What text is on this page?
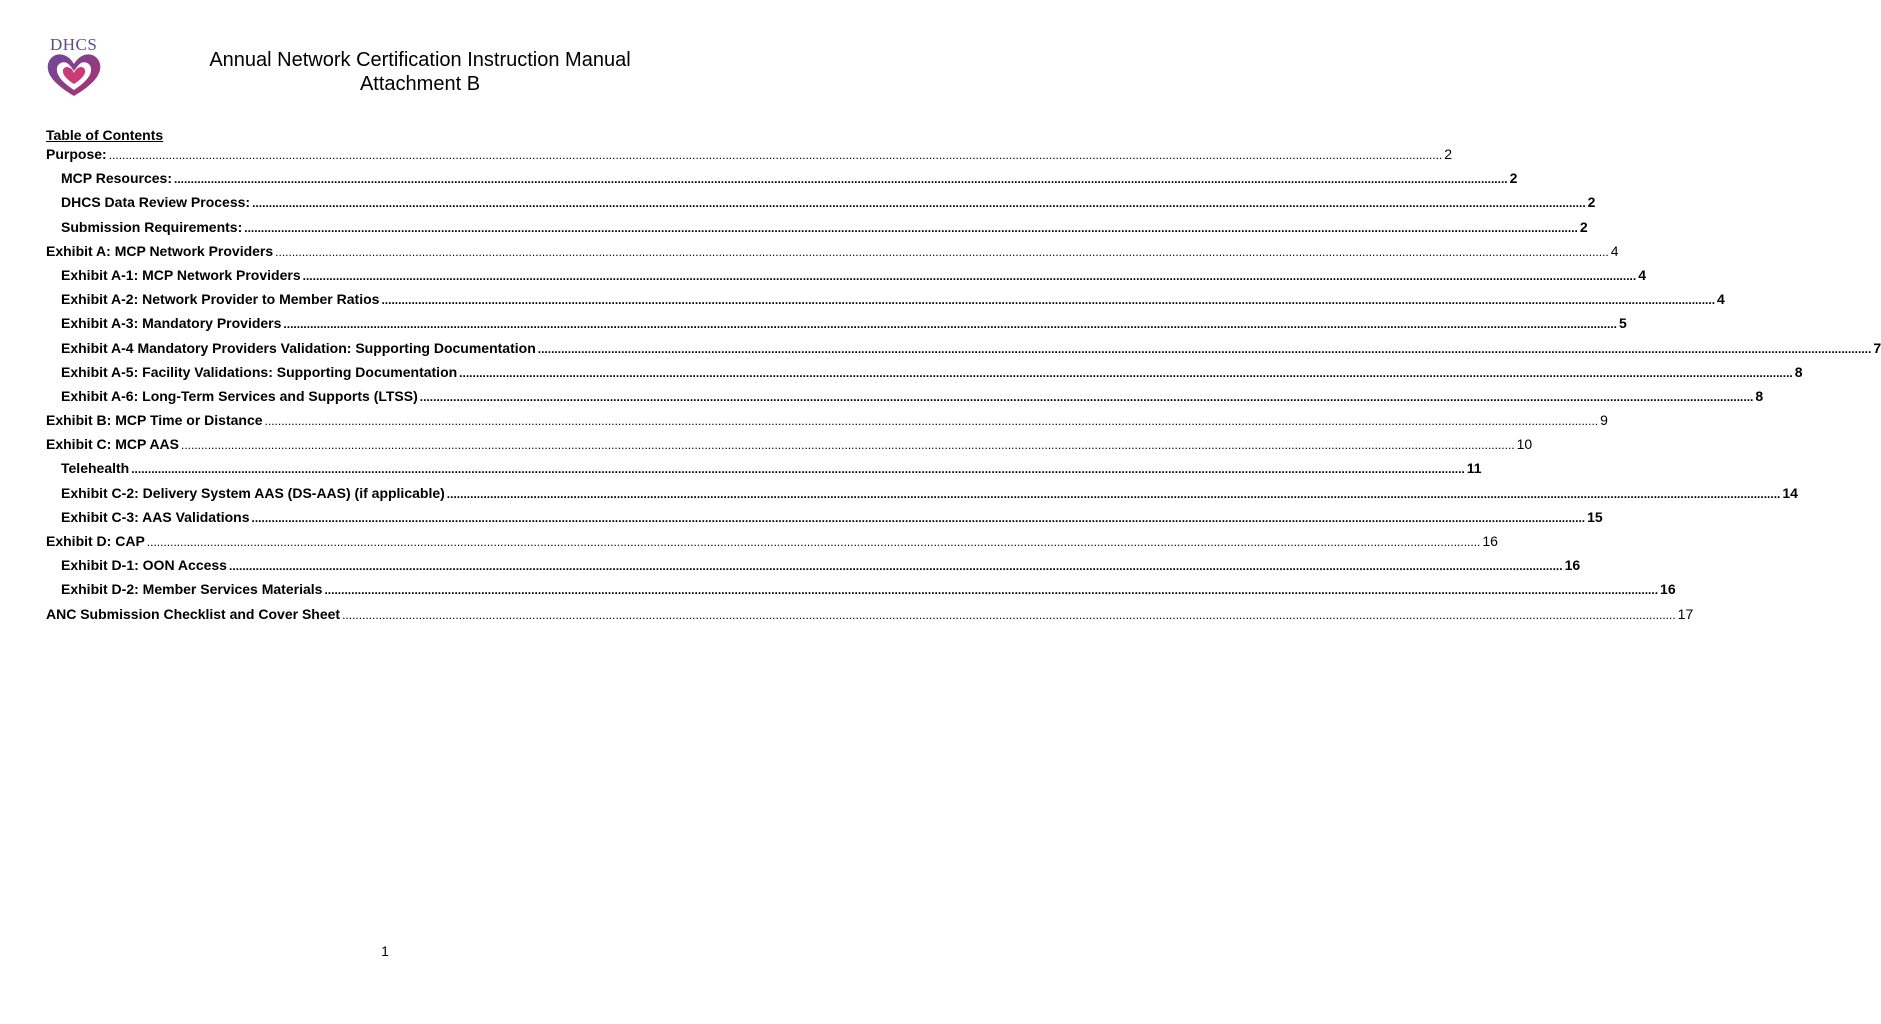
DHCS
Annual Network Certification Instruction Manual
Attachment B
Table of Contents
Purpose: ................................................................................................................................................................................................................................................................................................................................................................................................................ 2
MCP Resources: ................................................................................................................................................................................................................................................................................................................................................................................................................ 2
DHCS Data Review Process: ................................................................................................................................................................................................................................................................................................................................................................................................................ 2
Submission Requirements: ................................................................................................................................................................................................................................................................................................................................................................................................................ 2
Exhibit A: MCP Network Providers ................................................................................................................................................................................................................................................................................................................................................................................................................ 4
Exhibit A-1: MCP Network Providers ................................................................................................................................................................................................................................................................................................................................................................................................................ 4
Exhibit A-2: Network Provider to Member Ratios ................................................................................................................................................................................................................................................................................................................................................................................................................ 4
Exhibit A-3: Mandatory Providers ................................................................................................................................................................................................................................................................................................................................................................................................................ 5
Exhibit A-4 Mandatory Providers Validation: Supporting Documentation ................................................................................................................................................................................................................................................................................................................................................................................................................ 7
Exhibit A-5: Facility Validations: Supporting Documentation ................................................................................................................................................................................................................................................................................................................................................................................................................ 8
Exhibit A-6: Long-Term Services and Supports (LTSS) ................................................................................................................................................................................................................................................................................................................................................................................................................ 8
Exhibit B: MCP Time or Distance ................................................................................................................................................................................................................................................................................................................................................................................................................ 9
Exhibit C: MCP AAS ................................................................................................................................................................................................................................................................................................................................................................................................................ 10
Telehealth ................................................................................................................................................................................................................................................................................................................................................................................................................ 11
Exhibit C-2: Delivery System AAS (DS-AAS) (if applicable) ................................................................................................................................................................................................................................................................................................................................................................................................................ 14
Exhibit C-3: AAS Validations ................................................................................................................................................................................................................................................................................................................................................................................................................ 15
Exhibit D: CAP ................................................................................................................................................................................................................................................................................................................................................................................................................ 16
Exhibit D-1: OON Access ................................................................................................................................................................................................................................................................................................................................................................................................................ 16
Exhibit D-2: Member Services Materials ................................................................................................................................................................................................................................................................................................................................................................................................................ 16
ANC Submission Checklist and Cover Sheet ................................................................................................................................................................................................................................................................................................................................................................................................................ 17
1
